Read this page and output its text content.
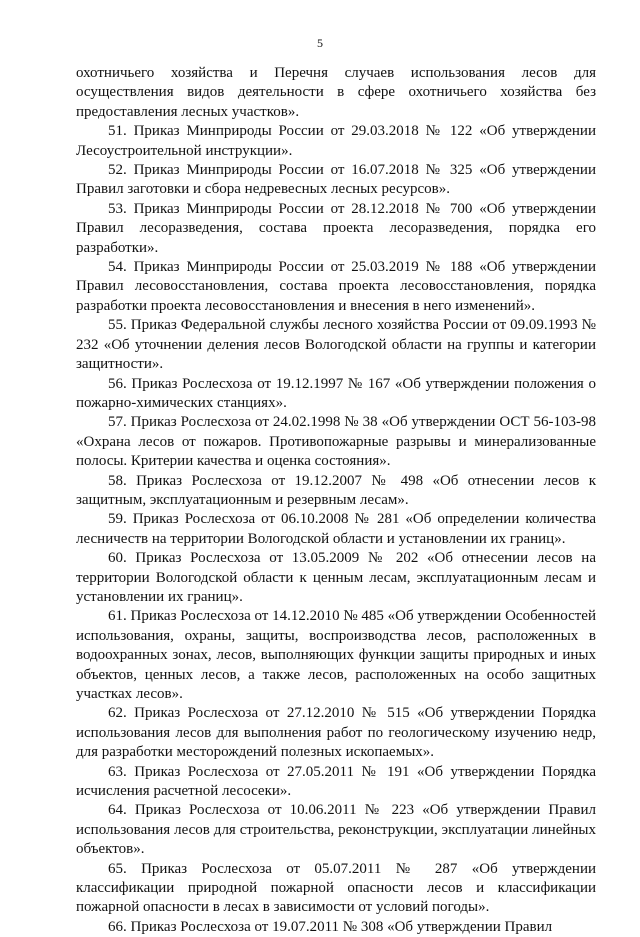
5

охотничьего хозяйства и Перечня случаев использования лесов для осуществления видов деятельности в сфере охотничьего хозяйства без предоставления лесных участков».

51. Приказ Минприроды России от 29.03.2018 № 122 «Об утверждении Лесоустроительной инструкции».

52. Приказ Минприроды России от 16.07.2018 № 325 «Об утверждении Правил заготовки и сбора недревесных лесных ресурсов».

53. Приказ Минприроды России от 28.12.2018 № 700 «Об утверждении Правил лесоразведения, состава проекта лесоразведения, порядка его разработки».

54. Приказ Минприроды России от 25.03.2019 № 188 «Об утверждении Правил лесовосстановления, состава проекта лесовосстановления, порядка разработки проекта лесовосстановления и внесения в него изменений».

55. Приказ Федеральной службы лесного хозяйства России от 09.09.1993 № 232 «Об уточнении деления лесов Вологодской области на группы и категории защитности».

56. Приказ Рослесхоза от 19.12.1997 № 167 «Об утверждении положения о пожарно-химических станциях».

57. Приказ Рослесхоза от 24.02.1998 № 38 «Об утверждении ОСТ 56-103-98 «Охрана лесов от пожаров. Противопожарные разрывы и минерализованные полосы. Критерии качества и оценка состояния».

58. Приказ Рослесхоза от 19.12.2007 № 498 «Об отнесении лесов к защитным, эксплуатационным и резервным лесам».

59. Приказ Рослесхоза от 06.10.2008 № 281 «Об определении количества лесничеств на территории Вологодской области и установлении их границ».

60. Приказ Рослесхоза от 13.05.2009 № 202 «Об отнесении лесов на территории Вологодской области к ценным лесам, эксплуатационным лесам и установлении их границ».

61. Приказ Рослесхоза от 14.12.2010 № 485 «Об утверждении Особенностей использования, охраны, защиты, воспроизводства лесов, расположенных в водоохранных зонах, лесов, выполняющих функции защиты природных и иных объектов, ценных лесов, а также лесов, расположенных на особо защитных участках лесов».

62. Приказ Рослесхоза от 27.12.2010 № 515 «Об утверждении Порядка использования лесов для выполнения работ по геологическому изучению недр, для разработки месторождений полезных ископаемых».

63. Приказ Рослесхоза от 27.05.2011 № 191 «Об утверждении Порядка исчисления расчетной лесосеки».

64. Приказ Рослесхоза от 10.06.2011 № 223 «Об утверждении Правил использования лесов для строительства, реконструкции, эксплуатации линейных объектов».

65. Приказ Рослесхоза от 05.07.2011 № 287 «Об утверждении классификации природной пожарной опасности лесов и классификации пожарной опасности в лесах в зависимости от условий погоды».

66. Приказ Рослесхоза от 19.07.2011 № 308 «Об утверждении Правил
